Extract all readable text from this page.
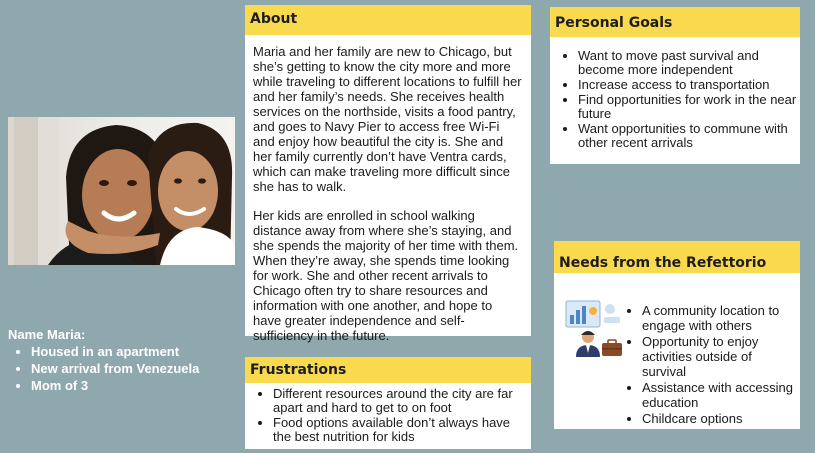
About

Maria and her family are new to Chicago, but she’s getting to know the city more and more while traveling to different locations to fulfill her and her family’s needs. She receives health services on the northside, visits a food pantry, and goes to Navy Pier to access free Wi-Fi and enjoy how beautiful the city is. She and her family currently don’t have Ventra cards, which can make traveling more difficult since she has to walk.

Her kids are enrolled in school walking distance away from where she’s staying, and she spends the majority of her time with them. When they’re away, she spends time looking for work. She and other recent arrivals to Chicago often try to share resources and information with one another, and hope to have greater independence and self-sufficiency in the future.

Frustrations
• Different resources around the city are far apart and hard to get to on foot
• Food options available don’t always have the best nutrition for kids
Personal Goals
• Want to move past survival and become more independent
• Increase access to transportation
• Find opportunities for work in the near future
• Want opportunities to commune with other recent arrivals
Needs from the Refettorio
• A community location to engage with others
• Opportunity to enjoy activities outside of survival
• Assistance with accessing education
• Childcare options
Name Maria:
• Housed in an apartment
• New arrival from Venezuela
• Mom of 3
